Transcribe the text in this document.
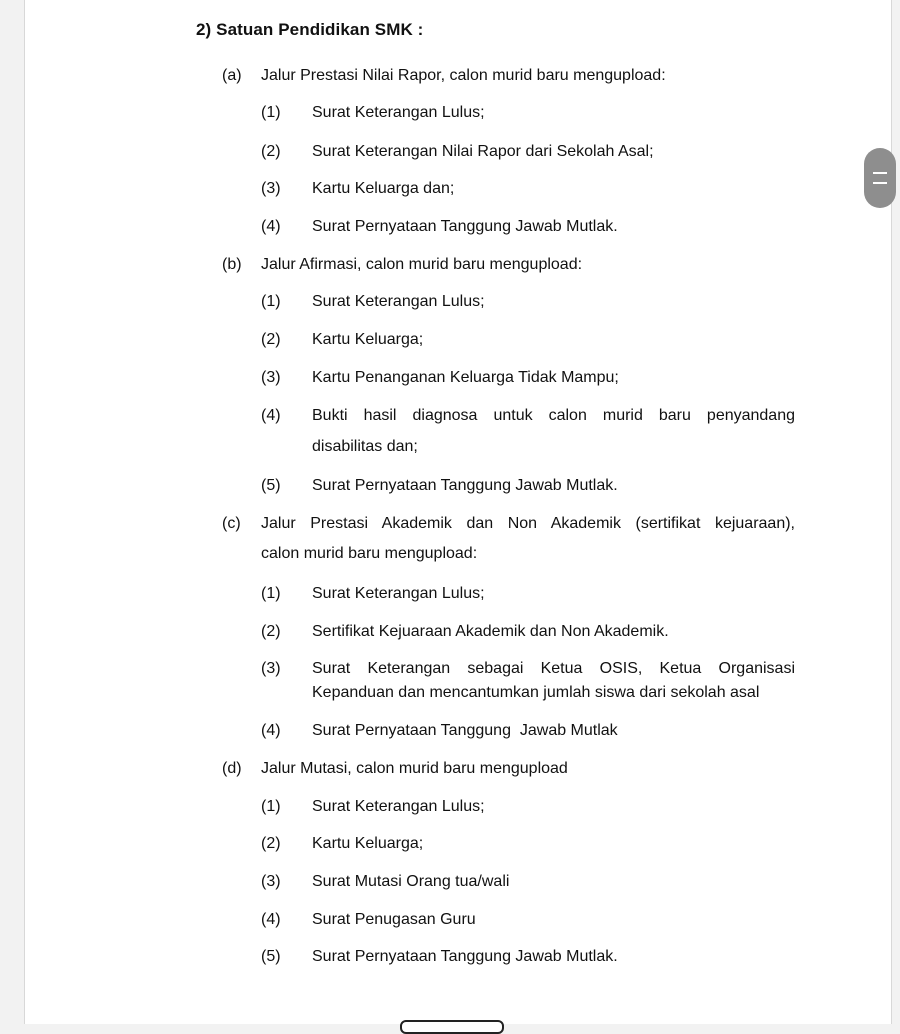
2) Satuan Pendidikan SMK :
(a) Jalur Prestasi Nilai Rapor, calon murid baru mengupload:
(1) Surat Keterangan Lulus;
(2) Surat Keterangan Nilai Rapor dari Sekolah Asal;
(3) Kartu Keluarga dan;
(4) Surat Pernyataan Tanggung Jawab Mutlak.
(b) Jalur Afirmasi, calon murid baru mengupload:
(1) Surat Keterangan Lulus;
(2) Kartu Keluarga;
(3) Kartu Penanganan Keluarga Tidak Mampu;
(4) Bukti hasil diagnosa untuk calon murid baru penyandang
disabilitas dan;
(5) Surat Pernyataan Tanggung Jawab Mutlak.
(c) Jalur Prestasi Akademik dan Non Akademik (sertifikat kejuaraan),
calon murid baru mengupload:
(1) Surat Keterangan Lulus;
(2) Sertifikat Kejuaraan Akademik dan Non Akademik.
(3) Surat Keterangan sebagai Ketua OSIS, Ketua Organisasi
Kepanduan dan mencantumkan jumlah siswa dari sekolah asal
(4) Surat Pernyataan Tanggung  Jawab Mutlak
(d) Jalur Mutasi, calon murid baru mengupload
(1) Surat Keterangan Lulus;
(2) Kartu Keluarga;
(3) Surat Mutasi Orang tua/wali
(4) Surat Penugasan Guru
(5) Surat Pernyataan Tanggung Jawab Mutlak.
